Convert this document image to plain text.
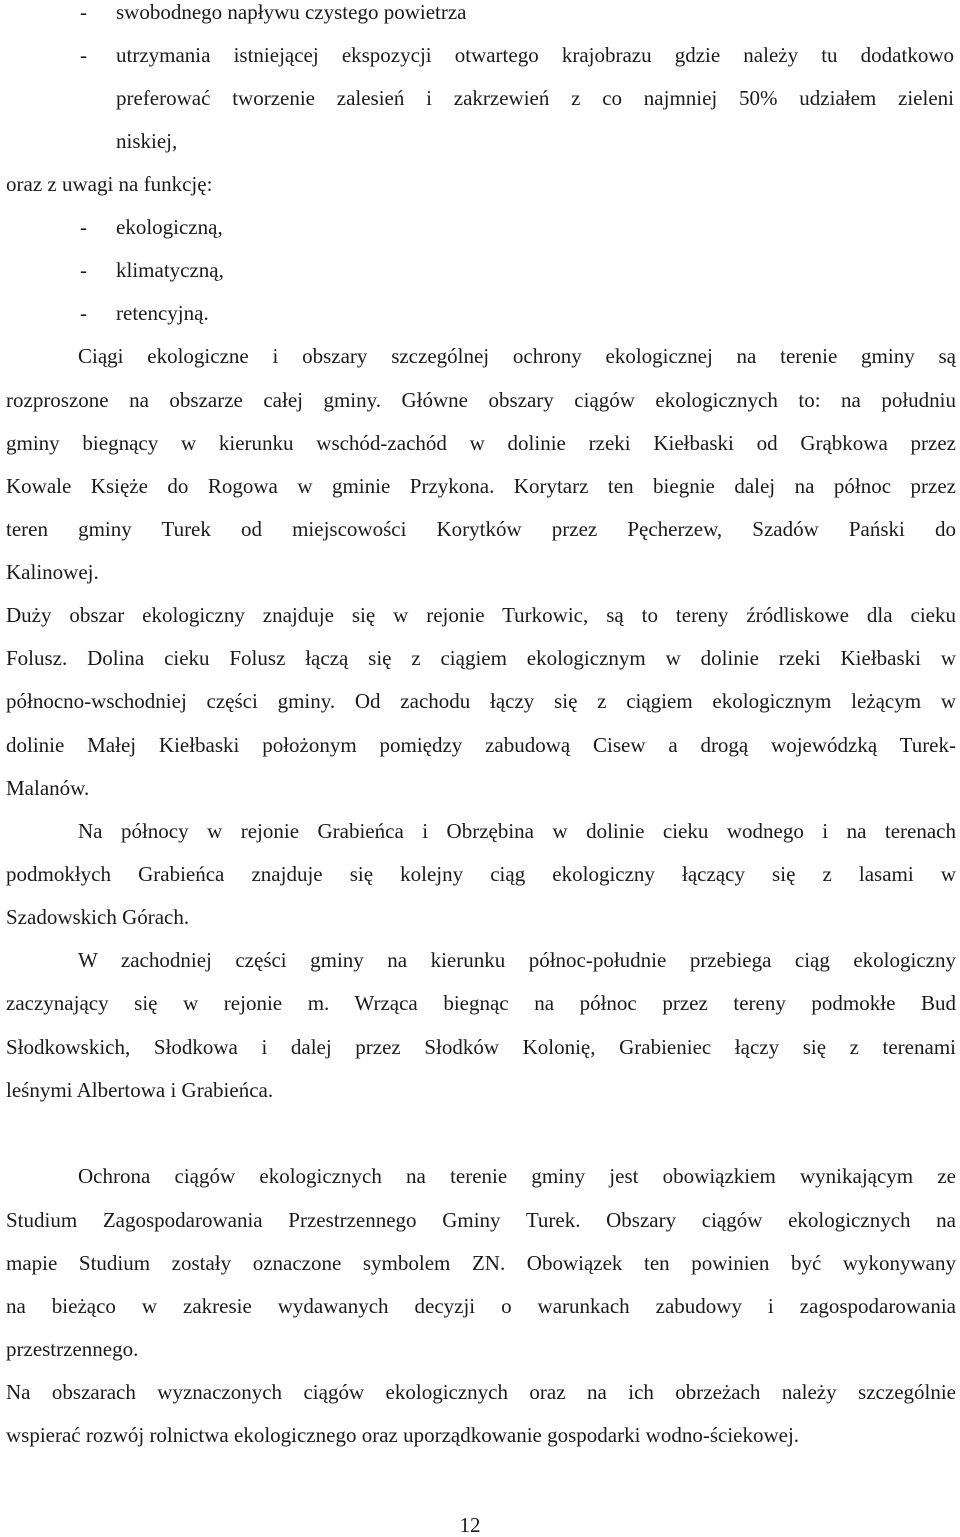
- swobodnego napływu czystego powietrza
- utrzymania istniejącej ekspozycji otwartego krajobrazu gdzie należy tu dodatkowo
preferować tworzenie zalesień i zakrzewień z co najmniej 50% udziałem zieleni
niskiej,
oraz z uwagi na funkcję:
- ekologiczną,
- klimatyczną,
- retencyjną.
Ciągi ekologiczne i obszary szczególnej ochrony ekologicznej na terenie gminy są
rozproszone na obszarze całej gminy. Główne obszary ciągów ekologicznych to: na południu
gminy biegnący w kierunku wschód-zachód w dolinie rzeki Kiełbaski od Grąbkowa przez
Kowale Księże do Rogowa w gminie Przykona. Korytarz ten biegnie dalej na północ przez
teren gminy Turek od miejscowości Korytków przez Pęcherzew, Szadów Pański do
Kalinowej.
Duży obszar ekologiczny znajduje się w rejonie Turkowic, są to tereny źródliskowe dla cieku
Folusz. Dolina cieku Folusz łączą się z ciągiem ekologicznym w dolinie rzeki Kiełbaski w
północno-wschodniej części gminy. Od zachodu łączy się z ciągiem ekologicznym leżącym w
dolinie Małej Kiełbaski położonym pomiędzy zabudową Cisew a drogą wojewódzką Turek-
Malanów.
Na północy w rejonie Grabieńca i Obrzębina w dolinie cieku wodnego i na terenach
podmokłych Grabieńca znajduje się kolejny ciąg ekologiczny łączący się z lasami w
Szadowskich Górach.
W zachodniej części gminy na kierunku północ-południe przebiega ciąg ekologiczny
zaczynający się w rejonie m. Wrząca biegnąc na północ przez tereny podmokłe Bud
Słodkowskich, Słodkowa i dalej przez Słodków Kolonię, Grabieniec łączy się z terenami
leśnymi Albertowa i Grabieńca.
Ochrona ciągów ekologicznych na terenie gminy jest obowiązkiem wynikającym ze
Studium Zagospodarowania Przestrzennego Gminy Turek. Obszary ciągów ekologicznych na
mapie Studium zostały oznaczone symbolem ZN. Obowiązek ten powinien być wykonywany
na bieżąco w zakresie wydawanych decyzji o warunkach zabudowy i zagospodarowania
przestrzennego.
Na obszarach wyznaczonych ciągów ekologicznych oraz na ich obrzeżach należy szczególnie
wspierać rozwój rolnictwa ekologicznego oraz uporządkowanie gospodarki wodno-ściekowej.
12
